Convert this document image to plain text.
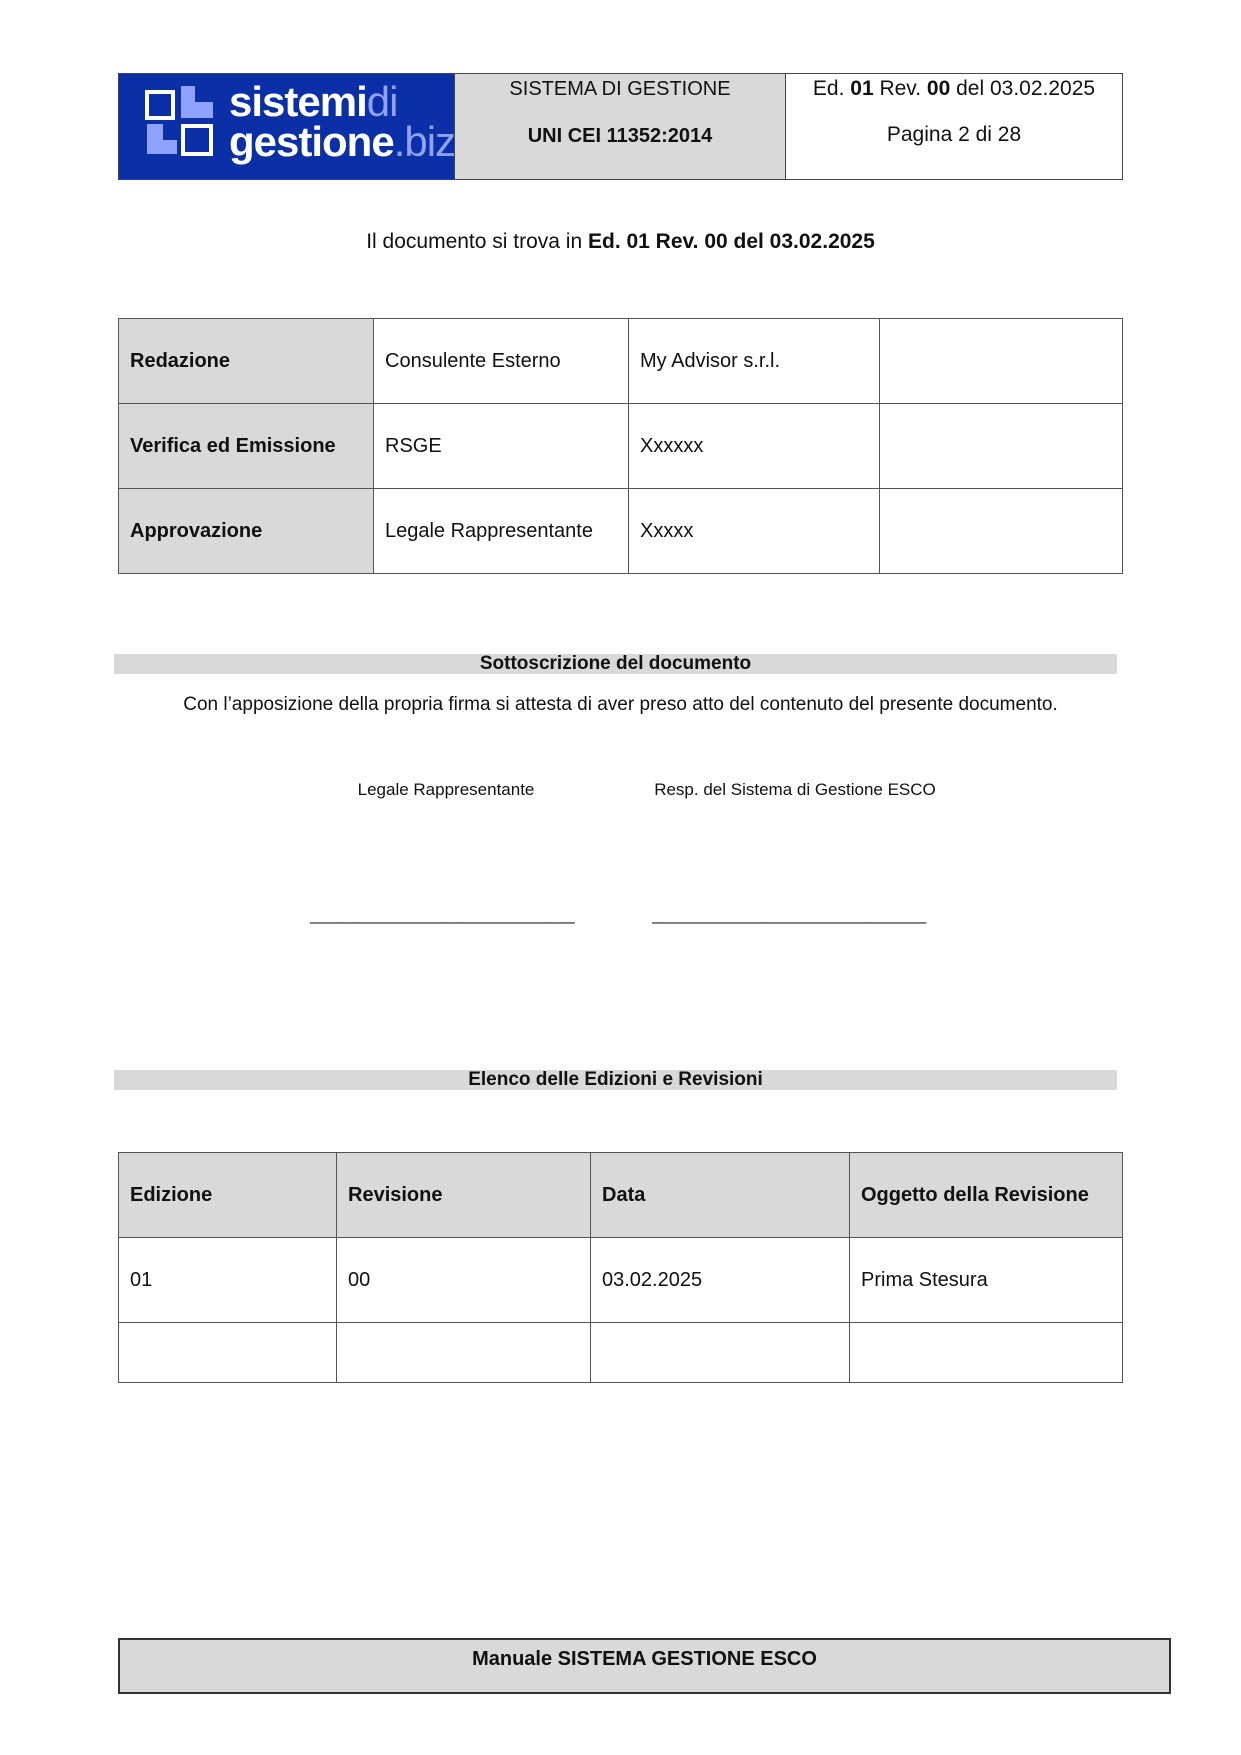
sistemidi
gestione.biz
SISTEMA DI GESTIONE
UNI CEI 11352:2014
Ed. 01 Rev. 00 del 03.02.2025
Pagina 2 di 28
Il documento si trova in Ed. 01 Rev. 00 del 03.02.2025
Redazione	Consulente Esterno	My Advisor s.r.l.	
Verifica ed Emissione	RSGE	Xxxxxx	
Approvazione	Legale Rappresentante	Xxxxx	
Sottoscrizione del documento
Con l’apposizione della propria firma si attesta di aver preso atto del contenuto del presente documento.
Legale Rappresentante	Resp. del Sistema di Gestione ESCO
____________________________	_____________________________
Elenco delle Edizioni e Revisioni
Edizione	Revisione	Data	Oggetto della Revisione
01	00	03.02.2025	Prima Stesura

Manuale SISTEMA GESTIONE ESCO
